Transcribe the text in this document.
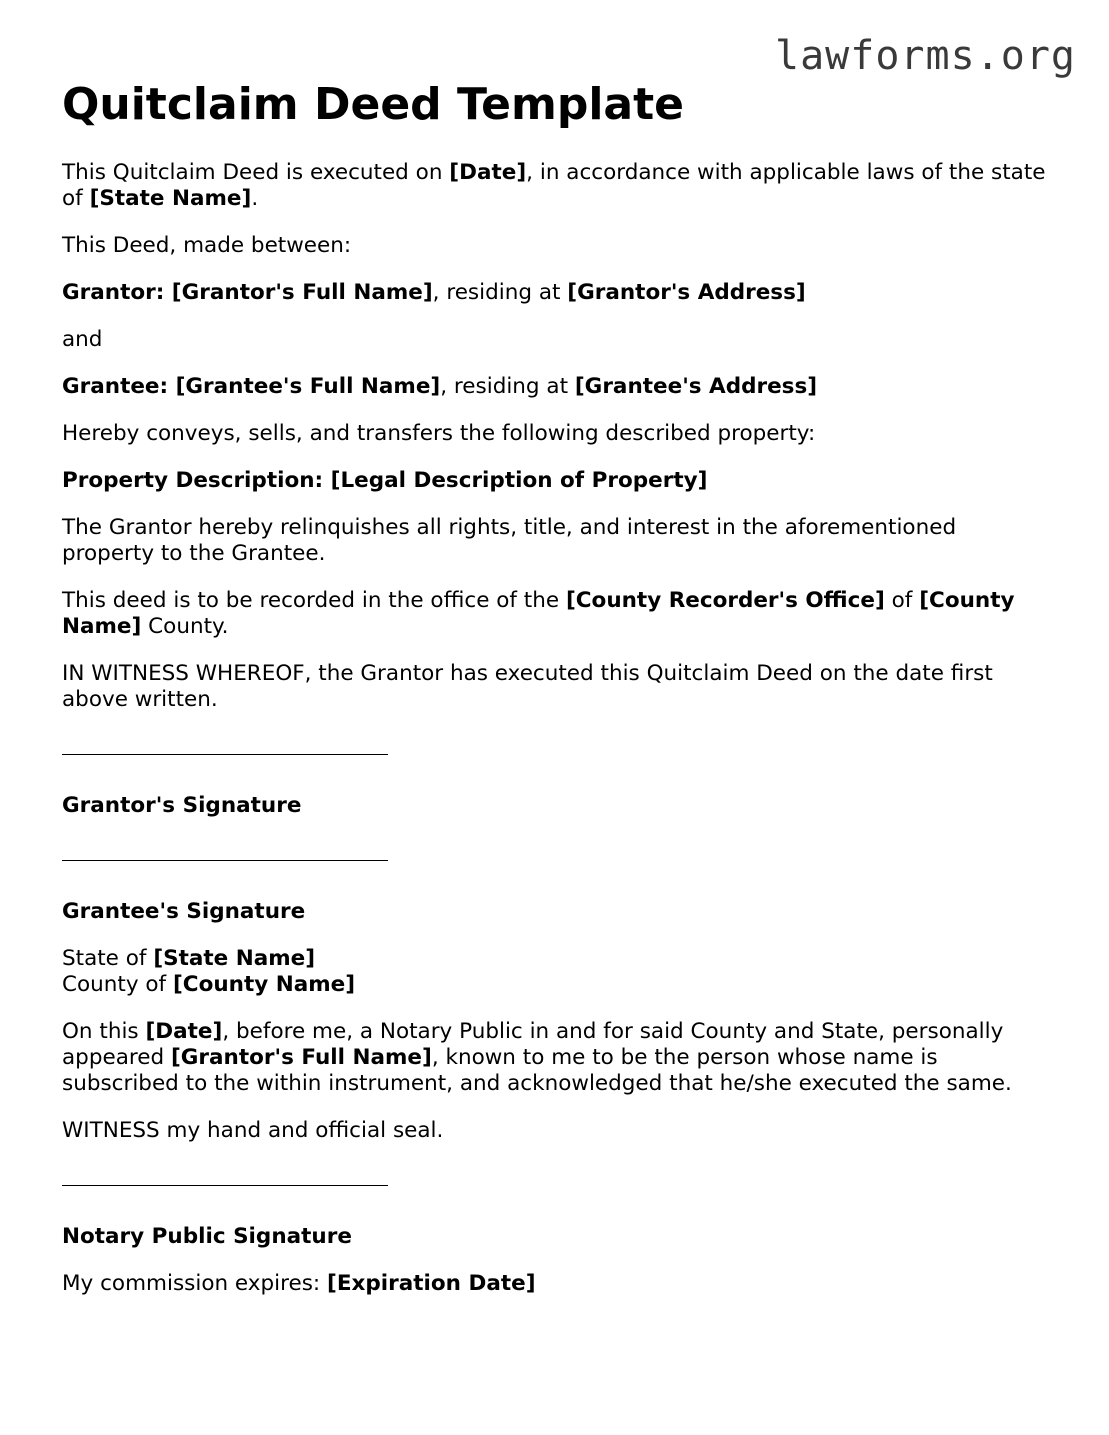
lawforms.org
Quitclaim Deed Template

This Quitclaim Deed is executed on [Date], in accordance with applicable laws of the state of [State Name].

This Deed, made between:

Grantor: [Grantor's Full Name], residing at [Grantor's Address]

and

Grantee: [Grantee's Full Name], residing at [Grantee's Address]

Hereby conveys, sells, and transfers the following described property:

Property Description: [Legal Description of Property]

The Grantor hereby relinquishes all rights, title, and interest in the aforementioned property to the Grantee.

This deed is to be recorded in the office of the [County Recorder's Office] of [County Name] County.

IN WITNESS WHEREOF, the Grantor has executed this Quitclaim Deed on the date first above written.

Grantor's Signature

Grantee's Signature

State of [State Name]
County of [County Name]

On this [Date], before me, a Notary Public in and for said County and State, personally appeared [Grantor's Full Name], known to me to be the person whose name is subscribed to the within instrument, and acknowledged that he/she executed the same.

WITNESS my hand and official seal.

Notary Public Signature

My commission expires: [Expiration Date]
